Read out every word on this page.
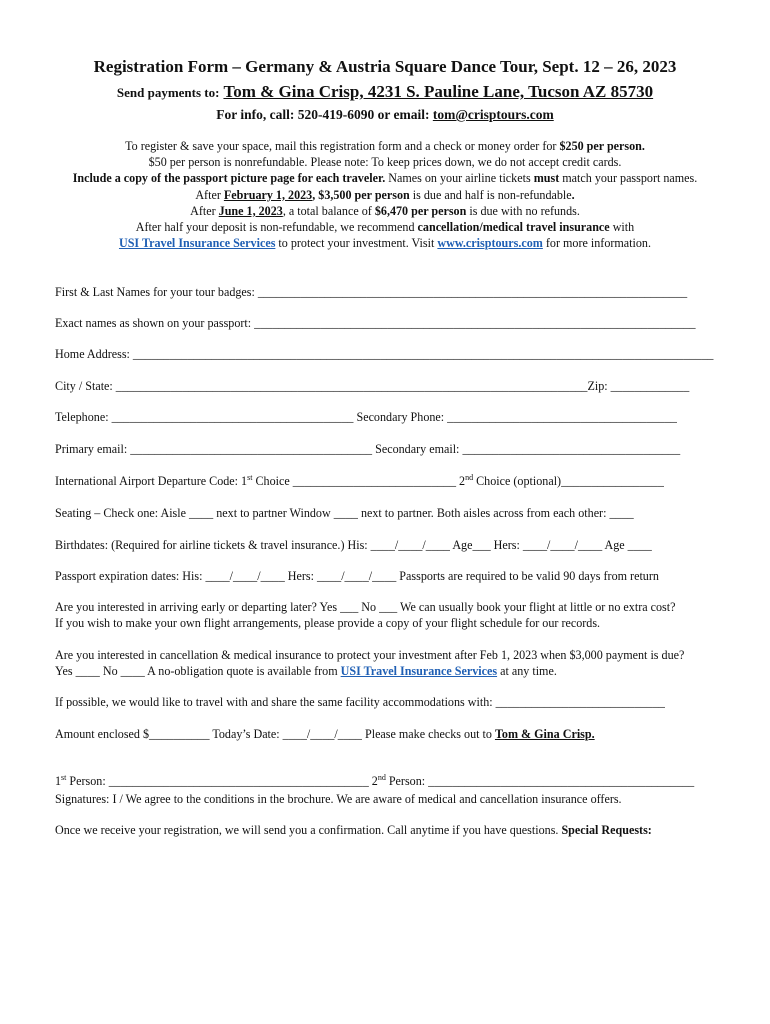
Registration Form – Germany & Austria Square Dance Tour, Sept. 12 – 26, 2023
Send payments to: Tom & Gina Crisp, 4231 S. Pauline Lane, Tucson AZ 85730
For info, call: 520-419-6090 or email: tom@crisptours.com
To register & save your space, mail this registration form and a check or money order for $250 per person.
$50 per person is nonrefundable. Please note: To keep prices down, we do not accept credit cards.
Include a copy of the passport picture page for each traveler. Names on your airline tickets must match your passport names.
After February 1, 2023, $3,500 per person is due and half is non-refundable.
After June 1, 2023, a total balance of $6,470 per person is due with no refunds.
After half your deposit is non-refundable, we recommend cancellation/medical travel insurance with
USI Travel Insurance Services to protect your investment. Visit www.crisptours.com for more information.
First & Last Names for your tour badges: _______________________________________________________________________
Exact names as shown on your passport: _________________________________________________________________________
Home Address: ________________________________________________________________________________________________
City / State: ______________________________________________________________________________Zip: _____________
Telephone: ________________________________________ Secondary Phone: ______________________________________
Primary email: ________________________________________ Secondary email: ____________________________________
International Airport Departure Code: 1st Choice ___________________________ 2nd Choice (optional)_________________
Seating – Check one: Aisle ____ next to partner Window ____ next to partner. Both aisles across from each other: ____
Birthdates: (Required for airline tickets & travel insurance.) His: ____/____/____ Age___ Hers: ____/____/____ Age ____
Passport expiration dates: His: ____/____/____ Hers: ____/____/____ Passports are required to be valid 90 days from return
Are you interested in arriving early or departing later? Yes ___ No ___ We can usually book your flight at little or no extra cost?
If you wish to make your own flight arrangements, please provide a copy of your flight schedule for our records.
Are you interested in cancellation & medical insurance to protect your investment after Feb 1, 2023 when $3,000 payment is due?
Yes ____ No ____ A no-obligation quote is available from USI Travel Insurance Services at any time.
If possible, we would like to travel with and share the same facility accommodations with: ____________________________
Amount enclosed $__________ Today’s Date: ____/____/____ Please make checks out to Tom & Gina Crisp.
1st Person: ___________________________________________ 2nd Person: ____________________________________________
Signatures: I / We agree to the conditions in the brochure. We are aware of medical and cancellation insurance offers.
Once we receive your registration, we will send you a confirmation. Call anytime if you have questions. Special Requests:
